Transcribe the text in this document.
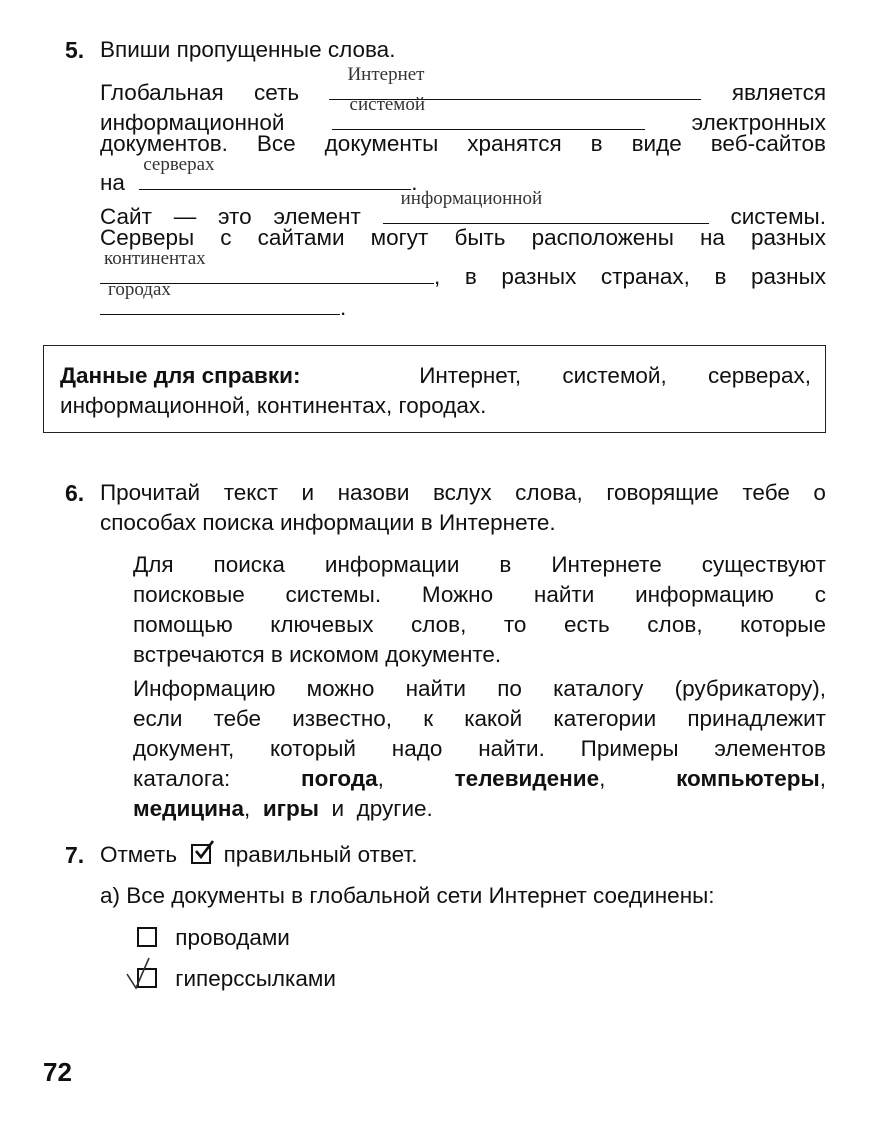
5. Впиши пропущенные слова.
Глобальная сеть
Интернет
является
информационной
системой
электронных
документов. Все документы хранятся в виде веб-сайтов
на
серверах
.
Сайт — это элемент
информационной
системы.
Серверы с сайтами могут быть расположены на разных
континентах
, в разных странах, в разных
городах
.
Данные для справки:	Интернет, системой, серверах,
информационной, континентах, городах.
6. Прочитай текст и назови вслух слова, говорящие тебе о
способах поиска информации в Интернете.
Для поиска информации в Интернете существуют
поисковые системы. Можно найти информацию с
помощью ключевых слов, то есть слов, которые
встречаются в искомом документе.
Информацию можно найти по каталогу (рубрикатору),
если тебе известно, к какой категории принадлежит
документ, который надо найти. Примеры элементов
каталога:	погода,	телевидение,	компьютеры,
медицина, игры и другие.
7. Отметь правильный ответ.
а) Все документы в глобальной сети Интернет соединены:
проводами
гиперссылками
72
